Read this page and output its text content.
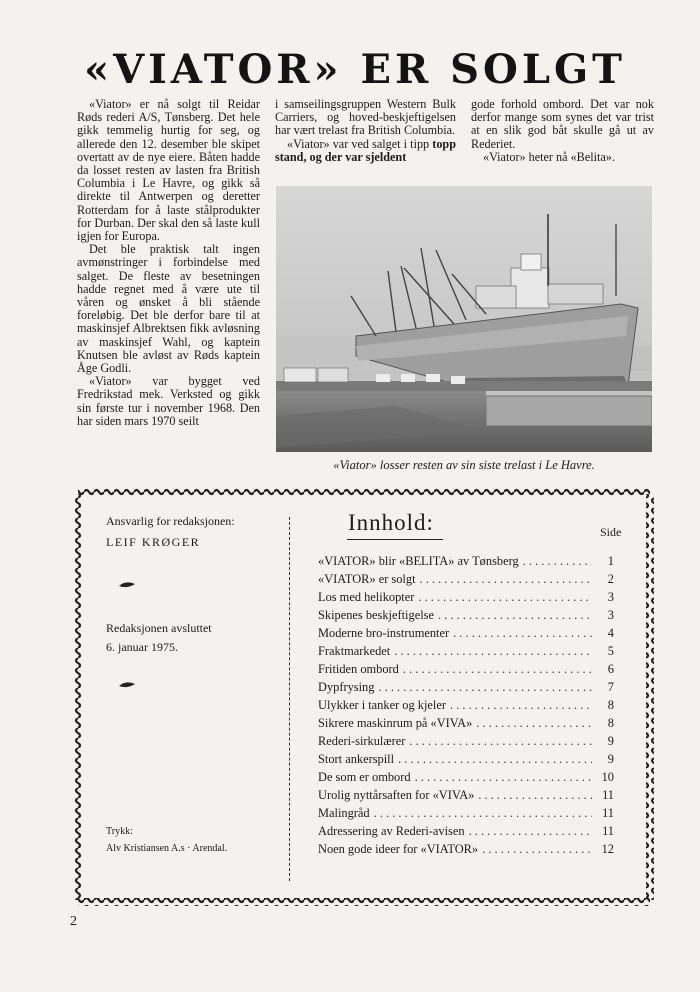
«VIATOR» ER SOLGT

«Viator» er nå solgt til Reidar Røds rederi A/S, Tønsberg. Det hele gikk temmelig hurtig for seg, og allerede den 12. desember ble skipet overtatt av de nye eiere. Båten hadde da losset resten av lasten fra British Columbia i Le Havre, og gikk så direkte til Antwerpen og deretter Rotterdam for å laste stålprodukter for Durban. Der skal den så laste kull igjen for Europa.

Det ble praktisk talt ingen avmønstringer i forbindelse med salget. De fleste av besetningen hadde regnet med å være ute til våren og ønsket å bli stående foreløbig. Det ble derfor bare til at maskinsjef Albrektsen fikk avløsning av maskinsjef Wahl, og kaptein Knutsen ble avløst av Røds kaptein Åge Godli.

«Viator» var bygget ved Fredrikstad mek. Verksted og gikk sin første tur i november 1968. Den har siden mars 1970 seilt

i samseilingsgruppen Western Bulk Carriers, og hoved-beskjeftigelsen har vært trelast fra British Columbia.

«Viator» var ved salget i tipp topp stand, og der var sjeldent

gode forhold ombord. Det var nok derfor mange som synes det var trist at en slik god båt skulle gå ut av Rederiet.

«Viator» heter nå «Belita».

«Viator» losser resten av sin siste trelast i Le Havre.
Ansvarlig for redaksjonen:
LEIF KRØGER
Redaksjonen avsluttet
6. januar 1975.
Trykk:
Alv Kristiansen A.s · Arendal.
Innhold:	Side
«VIATOR» blir «BELITA» av Tønsberg . . .	1
«VIATOR» er solgt . . .	2
Los med helikopter . . .	3
Skipenes beskjeftigelse . . .	3
Moderne bro-instrumenter . . .	4
Fraktmarkedet . . .	5
Fritiden ombord . . .	6
Dypfrysing . . .	7
Ulykker i tanker og kjeler . . .	8
Sikrere maskinrum på «VIVA» . . .	8
Rederi-sirkulærer . . .	9
Stort ankerspill . . .	9
De som er ombord . . .	10
Urolig nyttårsaften for «VIVA» . . .	11
Malingråd . . .	11
Adressering av Rederi-avisen . . .	11
Noen gode ideer for «VIATOR» . . .	12
2
